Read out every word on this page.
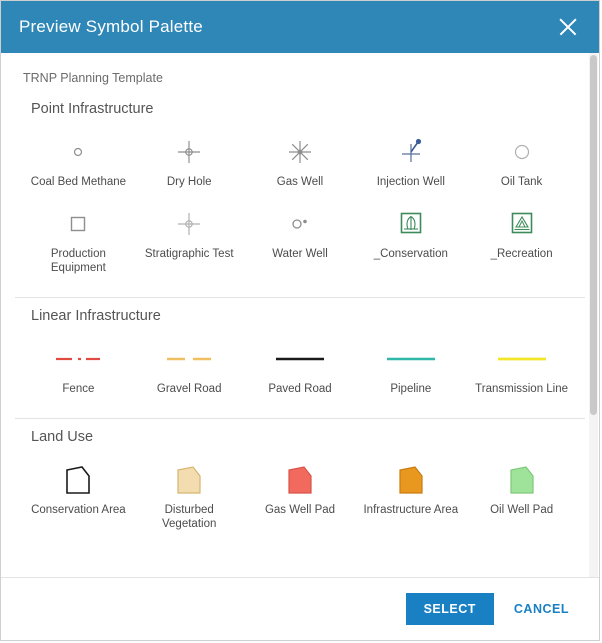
Preview Symbol Palette
TRNP Planning Template
Point Infrastructure
Coal Bed Methane	Dry Hole	Gas Well	Injection Well	Oil Tank
Production Equipment
Stratigraphic Test	Water Well	_Conservation	_Recreation
Linear Infrastructure
Fence	Gravel Road	Paved Road	Pipeline	Transmission Line
Land Use
Conservation Area	Disturbed Vegetation
Gas Well Pad Infrastructure Area	Oil Well Pad
SELECT	CANCEL
